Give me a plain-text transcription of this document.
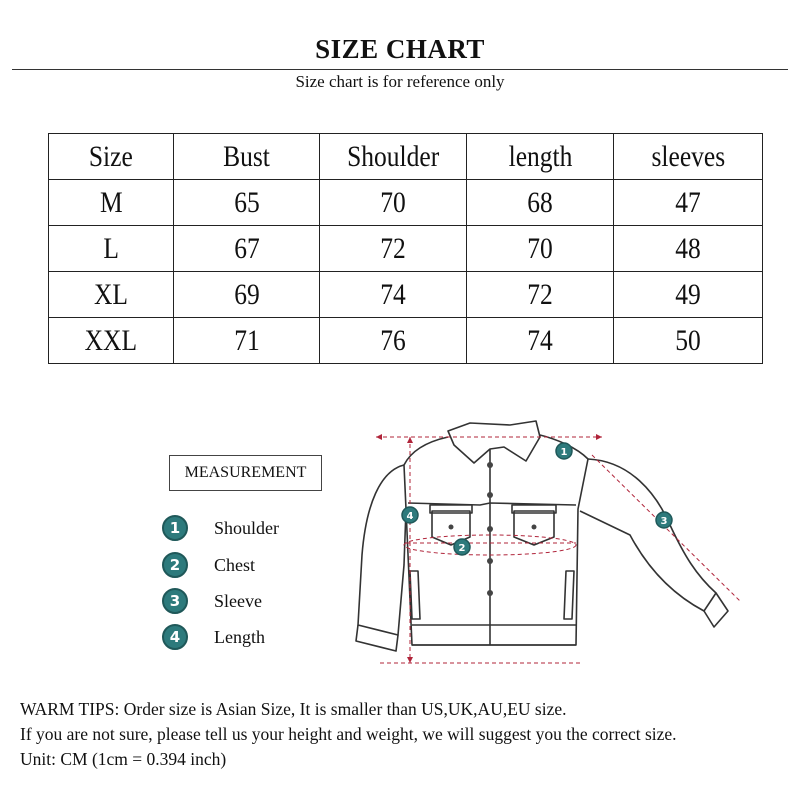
SIZE CHART
Size chart is for reference only
Size	Bust	Shoulder	length	sleeves
M	65	70	68	47
L	67	72	70	48
XL	69	74	72	49
XXL	71	76	74	50
MEASUREMENT
1	Shoulder
2	Chest
3	Sleeve
4	Length
1
2
3
4

WARM TIPS: Order size is Asian Size, It is smaller than US,UK,AU,EU size.

If you are not sure, please tell us your height and weight, we will suggest you the correct size.

Unit: CM (1cm = 0.394 inch)
